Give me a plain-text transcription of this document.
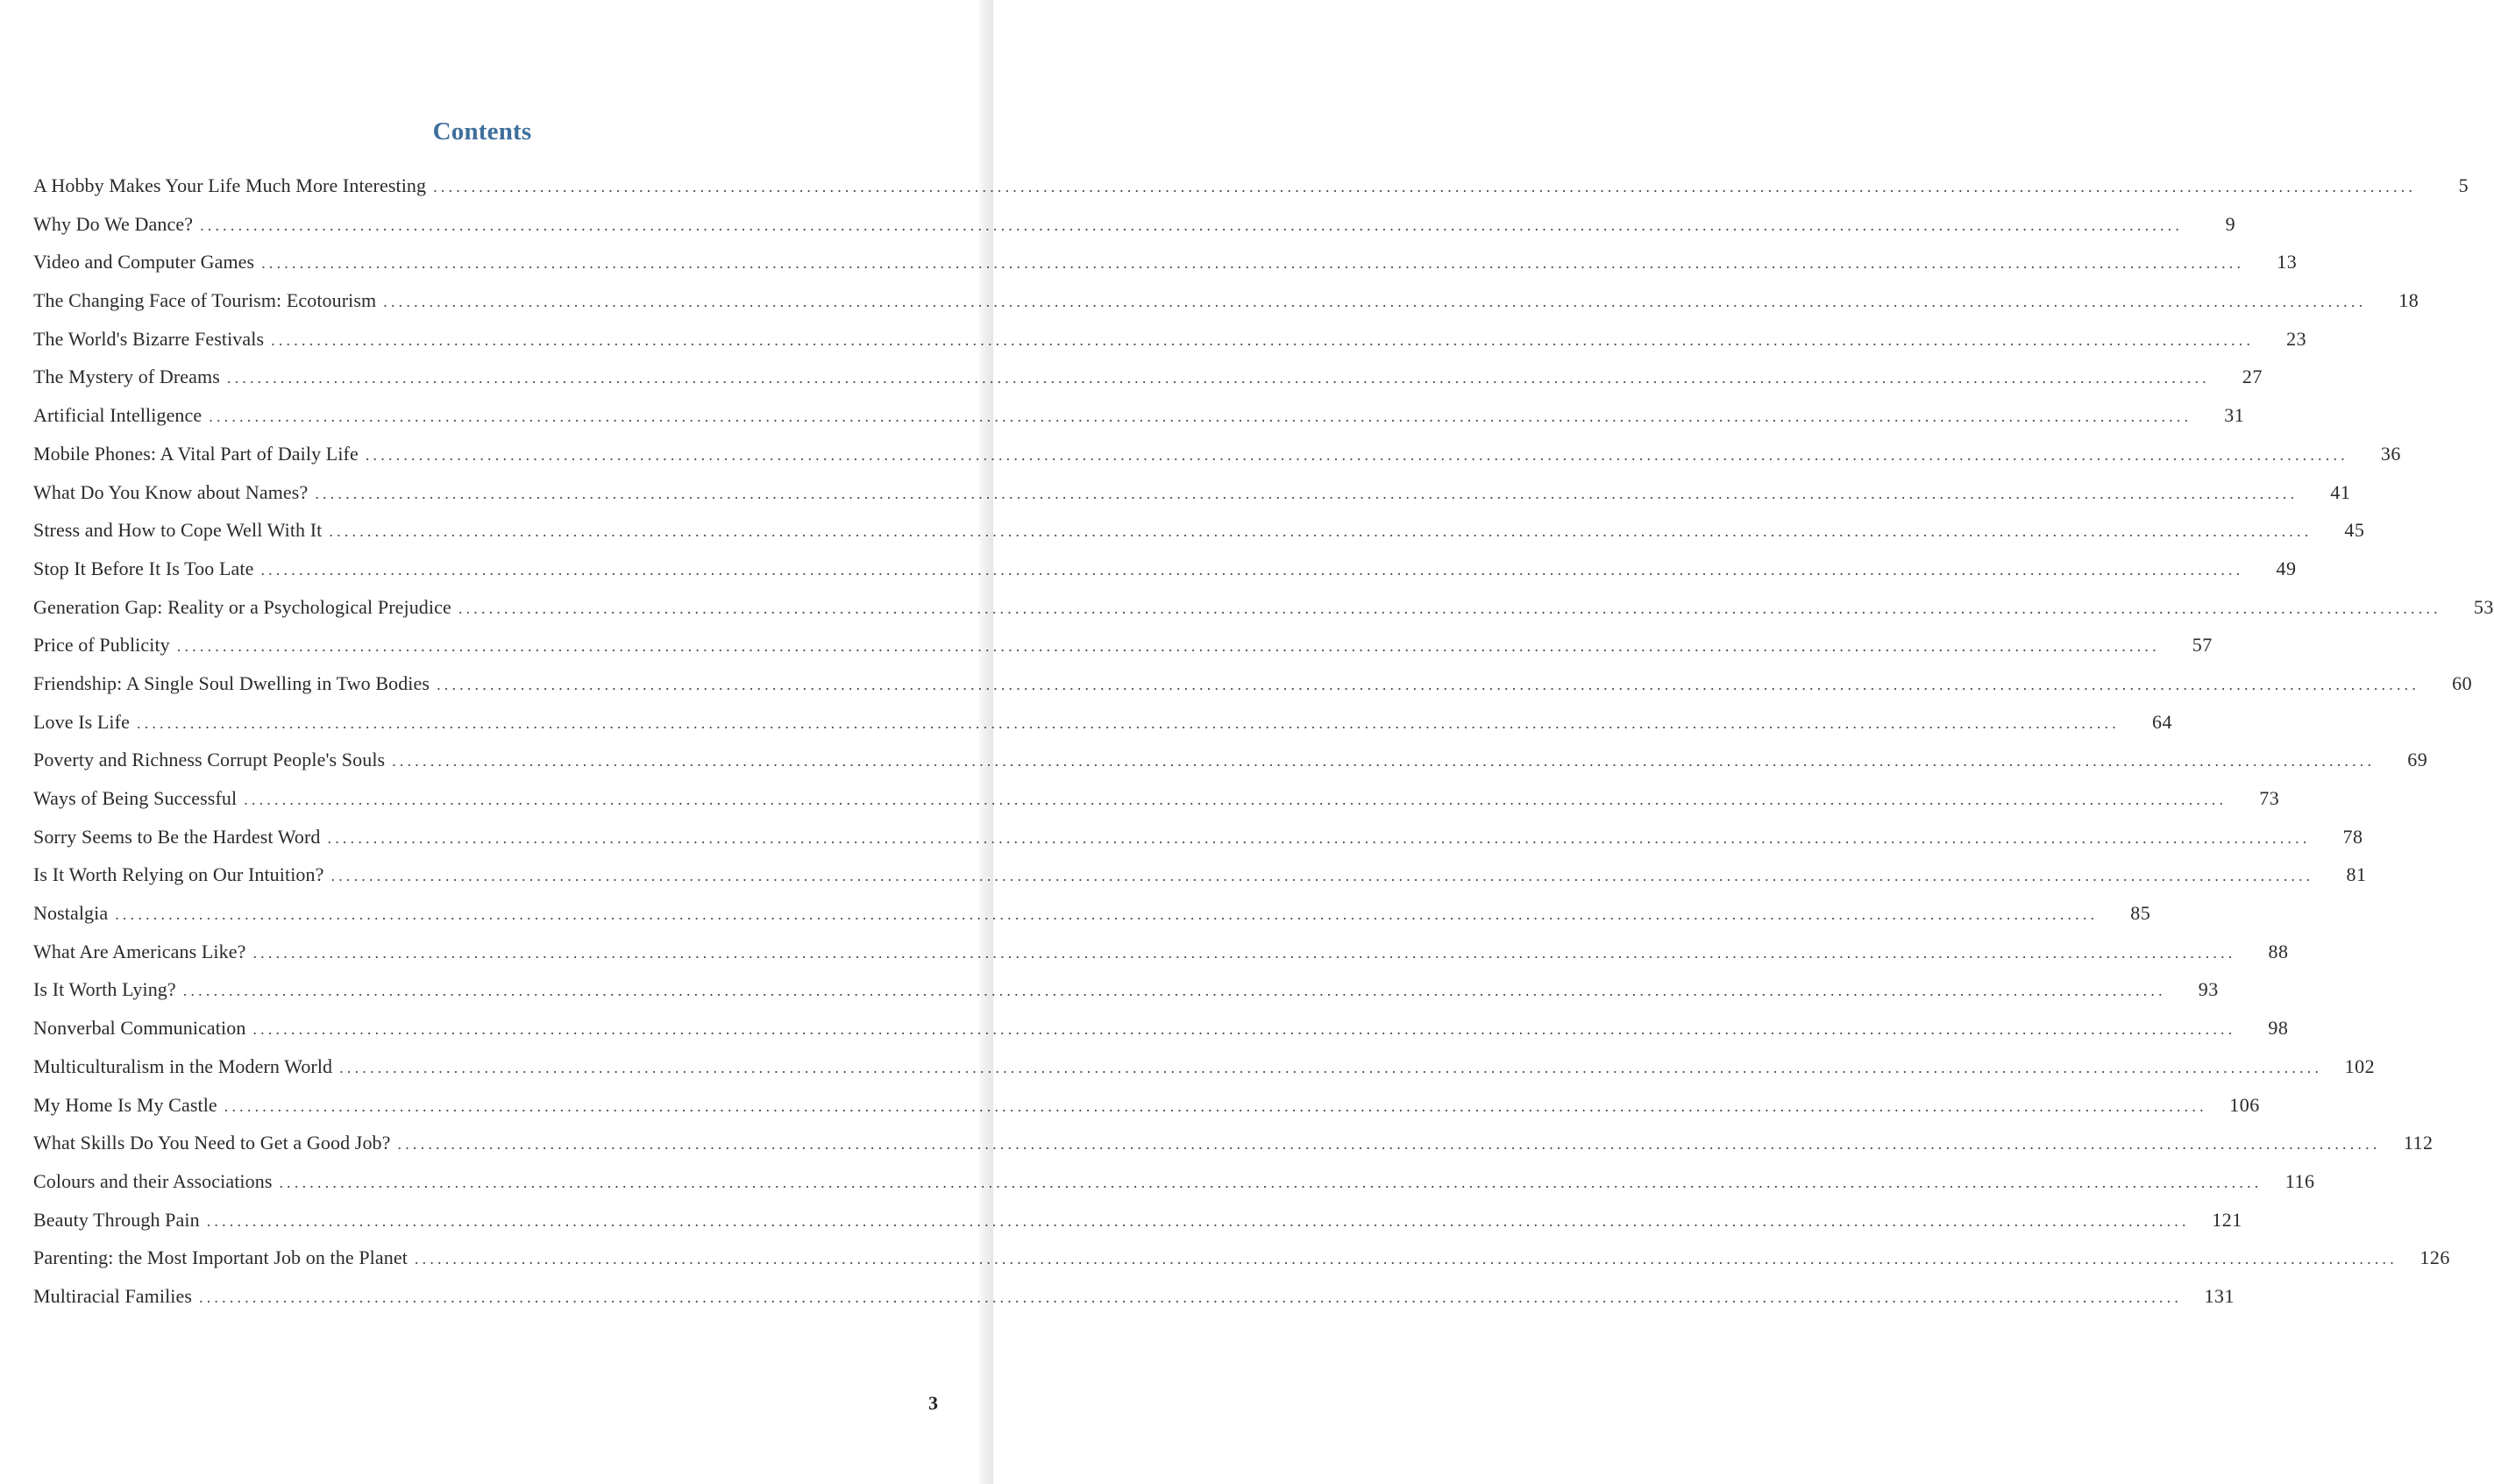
Contents
A Hobby Makes Your Life Much More Interesting ....................................................................................................................................................................................................................................................................	5
Why Do We Dance? ....................................................................................................................................................................................................................................................................	9
Video and Computer Games ....................................................................................................................................................................................................................................................................	13
The Changing Face of Tourism: Ecotourism ....................................................................................................................................................................................................................................................................	18
The World's Bizarre Festivals ....................................................................................................................................................................................................................................................................	23
The Mystery of Dreams ....................................................................................................................................................................................................................................................................	27
Artificial Intelligence ....................................................................................................................................................................................................................................................................	31
Mobile Phones: A Vital Part of Daily Life ....................................................................................................................................................................................................................................................................	36
What Do You Know about Names? ....................................................................................................................................................................................................................................................................	41
Stress and How to Cope Well With It ....................................................................................................................................................................................................................................................................	45
Stop It Before It Is Too Late ....................................................................................................................................................................................................................................................................	49
Generation Gap: Reality or a Psychological Prejudice ....................................................................................................................................................................................................................................................................	53
Price of Publicity ....................................................................................................................................................................................................................................................................	57
Friendship: A Single Soul Dwelling in Two Bodies ....................................................................................................................................................................................................................................................................	60
Love Is Life ....................................................................................................................................................................................................................................................................	64
Poverty and Richness Corrupt People's Souls ....................................................................................................................................................................................................................................................................	69
Ways of Being Successful ....................................................................................................................................................................................................................................................................	73
Sorry Seems to Be the Hardest Word ....................................................................................................................................................................................................................................................................	78
Is It Worth Relying on Our Intuition? ....................................................................................................................................................................................................................................................................	81
Nostalgia ....................................................................................................................................................................................................................................................................	85
What Are Americans Like? ....................................................................................................................................................................................................................................................................	88
Is It Worth Lying? ....................................................................................................................................................................................................................................................................	93
Nonverbal Communication ....................................................................................................................................................................................................................................................................	98
Multiculturalism in the Modern World ....................................................................................................................................................................................................................................................................	102
My Home Is My Castle ....................................................................................................................................................................................................................................................................	106
What Skills Do You Need to Get a Good Job? ....................................................................................................................................................................................................................................................................	112
Colours and their Associations ....................................................................................................................................................................................................................................................................	116
Beauty Through Pain ....................................................................................................................................................................................................................................................................	121
Parenting: the Most Important Job on the Planet ....................................................................................................................................................................................................................................................................	126
Multiracial Families ....................................................................................................................................................................................................................................................................	131
3
